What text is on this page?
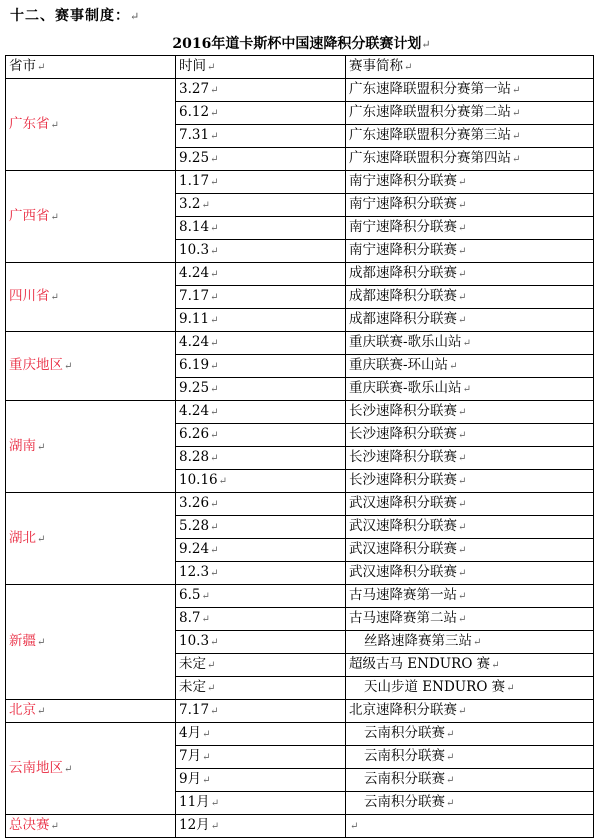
十二、赛事制度：↵
2016年道卡斯杯中国速降积分联赛计划↵
省市↵	时间↵	赛事简称↵
广东省↵	3.27↵	广东速降联盟积分赛第一站↵
	6.12↵	广东速降联盟积分赛第二站↵
	7.31↵	广东速降联盟积分赛第三站↵
	9.25↵	广东速降联盟积分赛第四站↵
广西省↵	1.17↵	南宁速降积分联赛↵
	3.2↵	南宁速降积分联赛↵
	8.14↵	南宁速降积分联赛↵
	10.3↵	南宁速降积分联赛↵
四川省↵	4.24↵	成都速降积分联赛↵
	7.17↵	成都速降积分联赛↵
	9.11↵	成都速降积分联赛↵
重庆地区↵	4.24↵	重庆联赛-歌乐山站↵
	6.19↵	重庆联赛-环山站↵
	9.25↵	重庆联赛-歌乐山站↵
湖南↵	4.24↵	长沙速降积分联赛↵
	6.26↵	长沙速降积分联赛↵
	8.28↵	长沙速降积分联赛↵
	10.16↵	长沙速降积分联赛↵
湖北↵	3.26↵	武汉速降积分联赛↵
	5.28↵	武汉速降积分联赛↵
	9.24↵	武汉速降积分联赛↵
	12.3↵	武汉速降积分联赛↵
新疆↵	6.5↵	古马速降赛第一站↵
	8.7↵	古马速降赛第二站↵
	10.3↵	丝路速降赛第三站↵
	未定↵	超级古马 ENDURO 赛↵
	未定↵	天山步道 ENDURO 赛↵
北京↵	7.17↵	北京速降积分联赛↵
云南地区↵	4月↵	云南积分联赛↵
	7月↵	云南积分联赛↵
	9月↵	云南积分联赛↵
	11月↵	云南积分联赛↵
总决赛↵	12月↵	↵
